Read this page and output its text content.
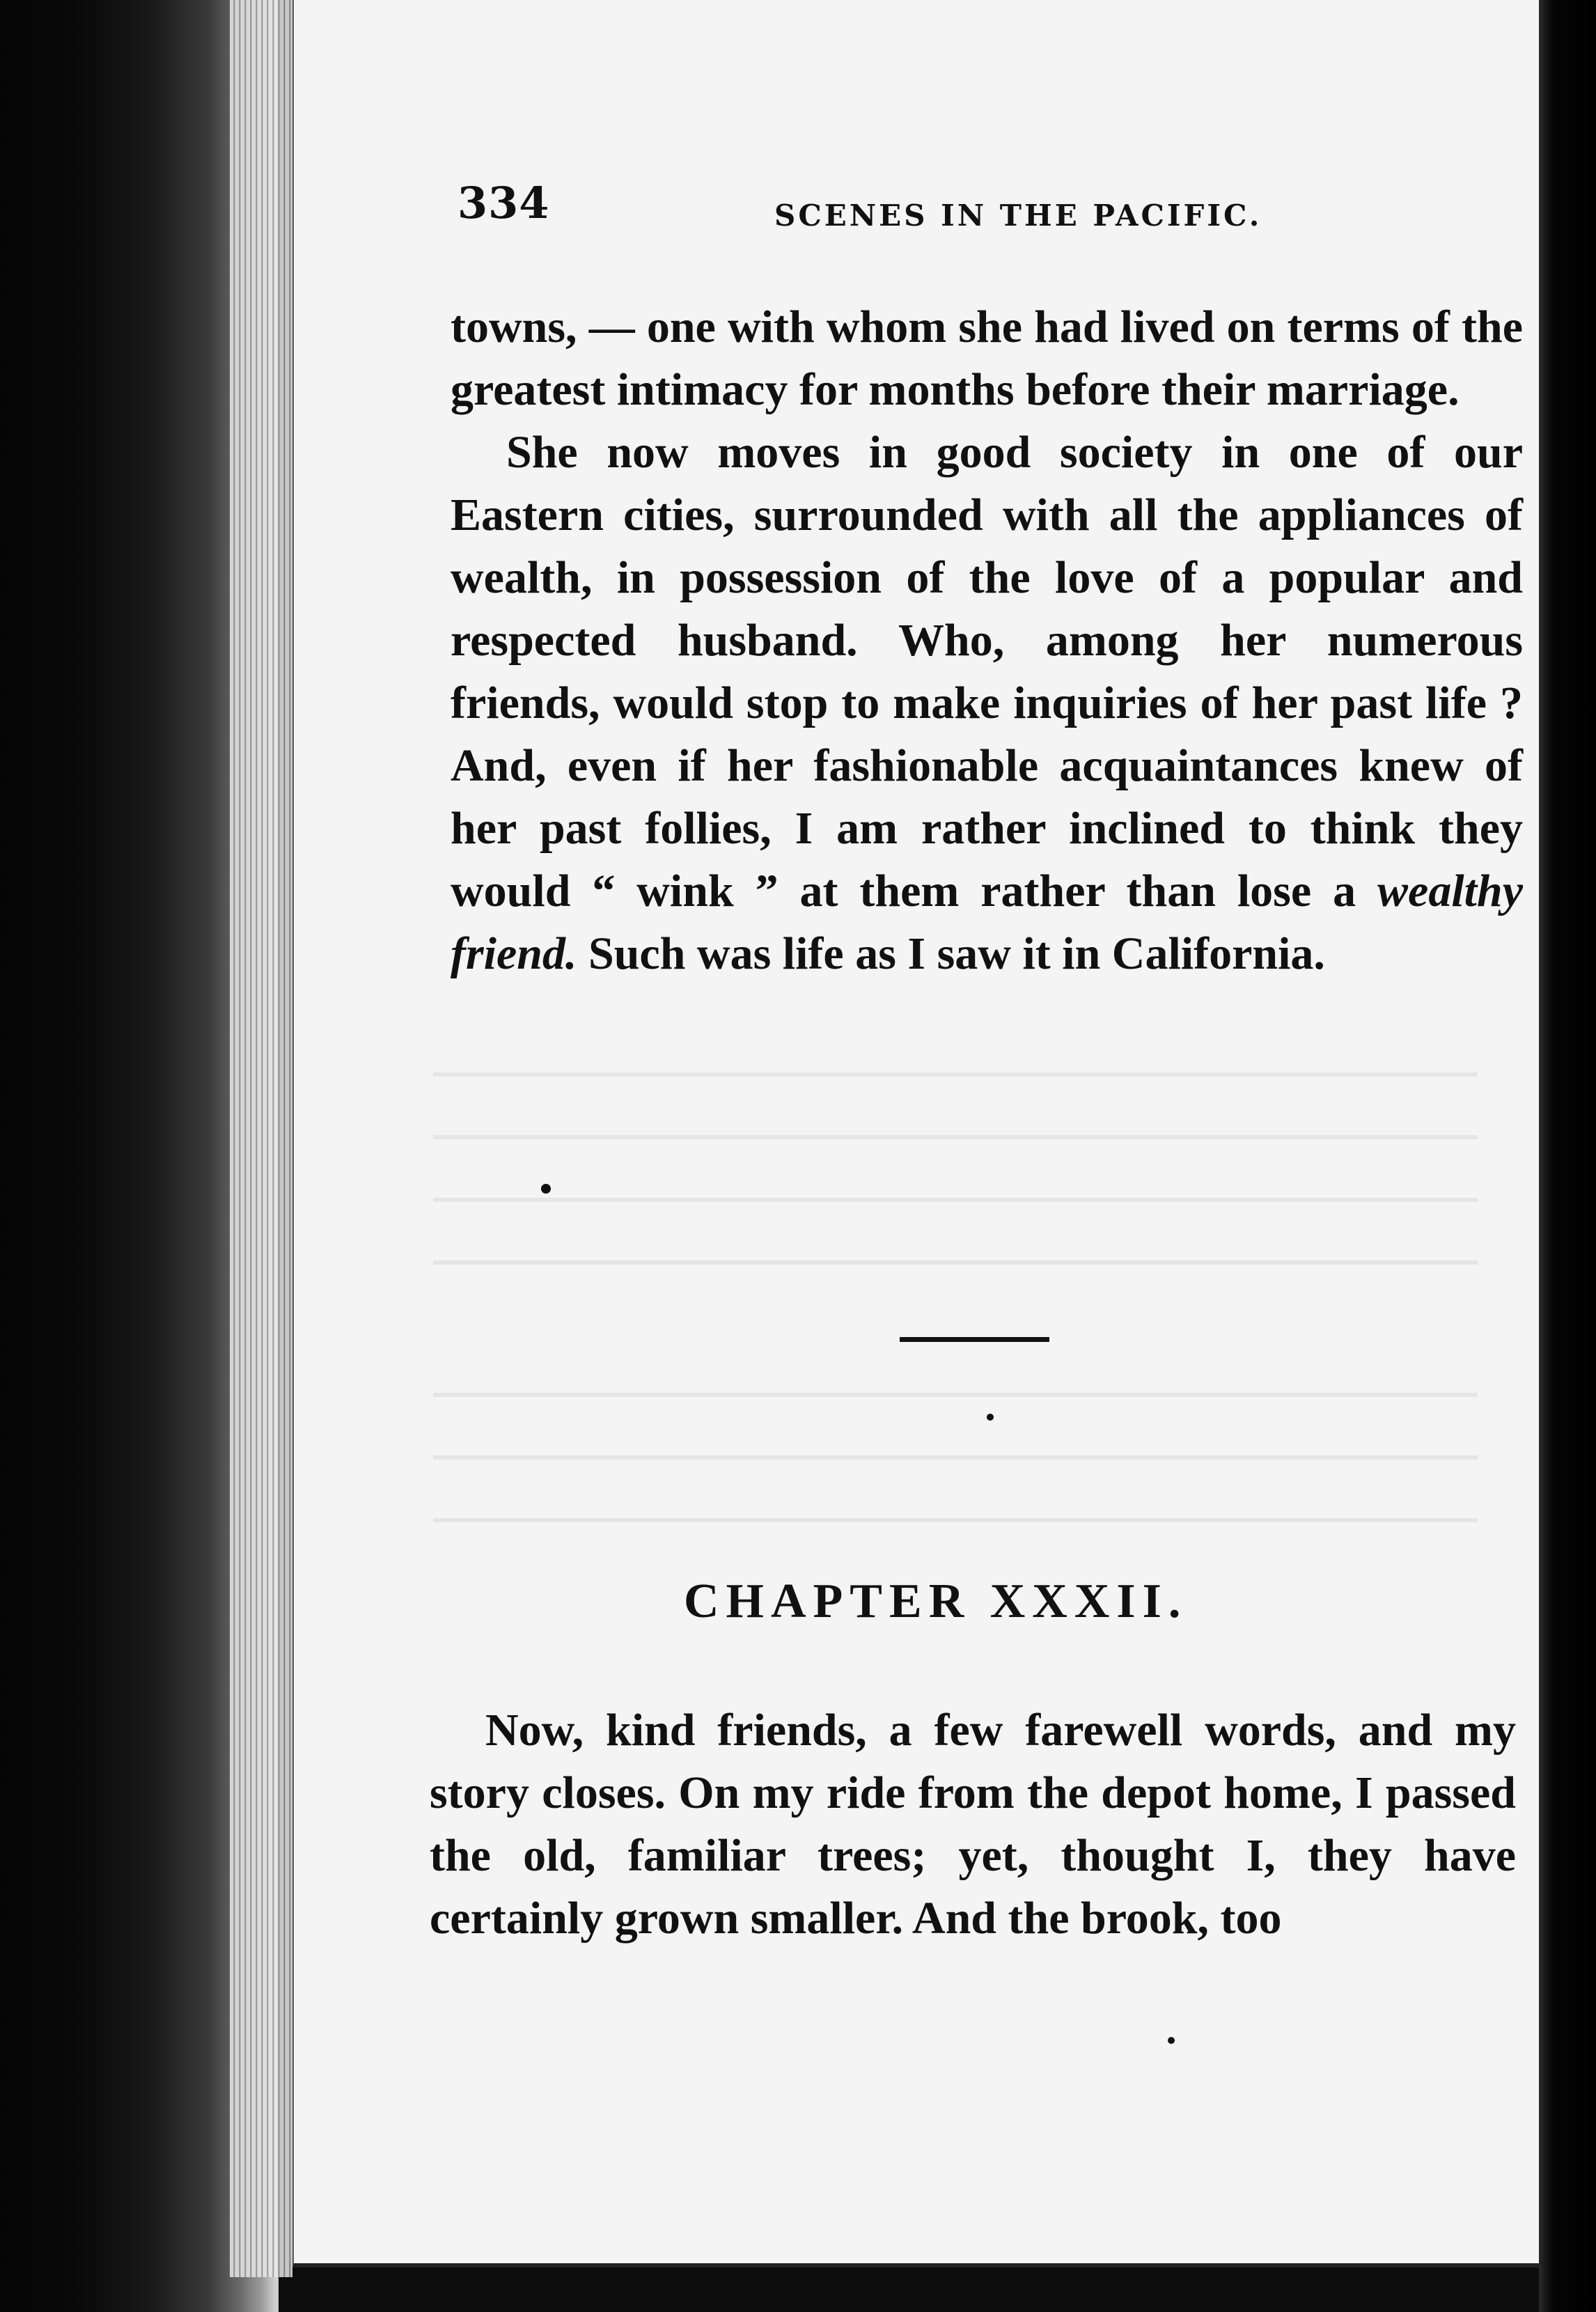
334	SCENES IN THE PACIFIC.

towns, — one with whom she had lived on terms of the greatest intimacy for months before their marriage.

She now moves in good society in one of our Eastern cities, surrounded with all the appliances of wealth, in possession of the love of a popular and respected husband. Who, among her numerous friends, would stop to make inquiries of her past life ? And, even if her fashionable acquaintances knew of her past follies, I am rather inclined to think they would “ wink ” at them rather than lose a wealthy friend. Such was life as I saw it in California.

CHAPTER XXXII.

Now, kind friends, a few farewell words, and my story closes. On my ride from the depot home, I passed the old, familiar trees; yet, thought I, they have certainly grown smaller. And the brook, too
